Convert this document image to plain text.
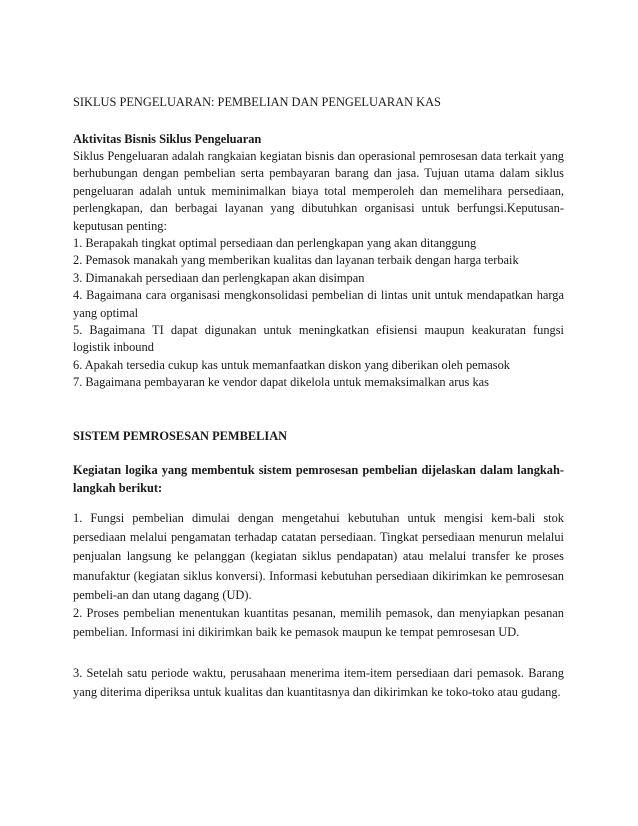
SIKLUS PENGELUARAN: PEMBELIAN DAN PENGELUARAN KAS
Aktivitas Bisnis Siklus Pengeluaran

Siklus Pengeluaran adalah rangkaian kegiatan bisnis dan operasional pemrosesan data terkait yang berhubungan dengan pembelian serta pembayaran barang dan jasa. Tujuan utama dalam siklus pengeluaran adalah untuk meminimalkan biaya total memperoleh dan memelihara persediaan, perlengkapan, dan berbagai layanan yang dibutuhkan organisasi untuk berfungsi.Keputusan-keputusan penting:

1. Berapakah tingkat optimal persediaan dan perlengkapan yang akan ditanggung
2. Pemasok manakah yang memberikan kualitas dan layanan terbaik dengan harga terbaik
3. Dimanakah persediaan dan perlengkapan akan disimpan
4. Bagaimana cara organisasi mengkonsolidasi pembelian di lintas unit untuk mendapatkan harga yang optimal
5. Bagaimana TI dapat digunakan untuk meningkatkan efisiensi maupun keakuratan fungsi logistik inbound
6. Apakah tersedia cukup kas untuk memanfaatkan diskon yang diberikan oleh pemasok
7. Bagaimana pembayaran ke vendor dapat dikelola untuk memaksimalkan arus kas
SISTEM PEMROSESAN PEMBELIAN

Kegiatan logika yang membentuk sistem pemrosesan pembelian dijelaskan dalam langkah-langkah berikut:

1. Fungsi pembelian dimulai dengan mengetahui kebutuhan untuk mengisi kem-bali stok persediaan melalui pengamatan terhadap catatan persediaan. Tingkat persediaan menurun melalui penjualan langsung ke pelanggan (kegiatan siklus pendapatan) atau melalui transfer ke proses manufaktur (kegiatan siklus konversi). Informasi kebutuhan persediaan dikirimkan ke pemrosesan pembeli-an dan utang dagang (UD).

2. Proses pembelian menentukan kuantitas pesanan, memilih pemasok, dan menyiapkan pesanan pembelian. Informasi ini dikirimkan baik ke pemasok maupun ke tempat pemrosesan UD.

3. Setelah satu periode waktu, perusahaan menerima item-item persediaan dari pemasok. Barang yang diterima diperiksa untuk kualitas dan kuantitasnya dan dikirimkan ke toko-toko atau gudang.
